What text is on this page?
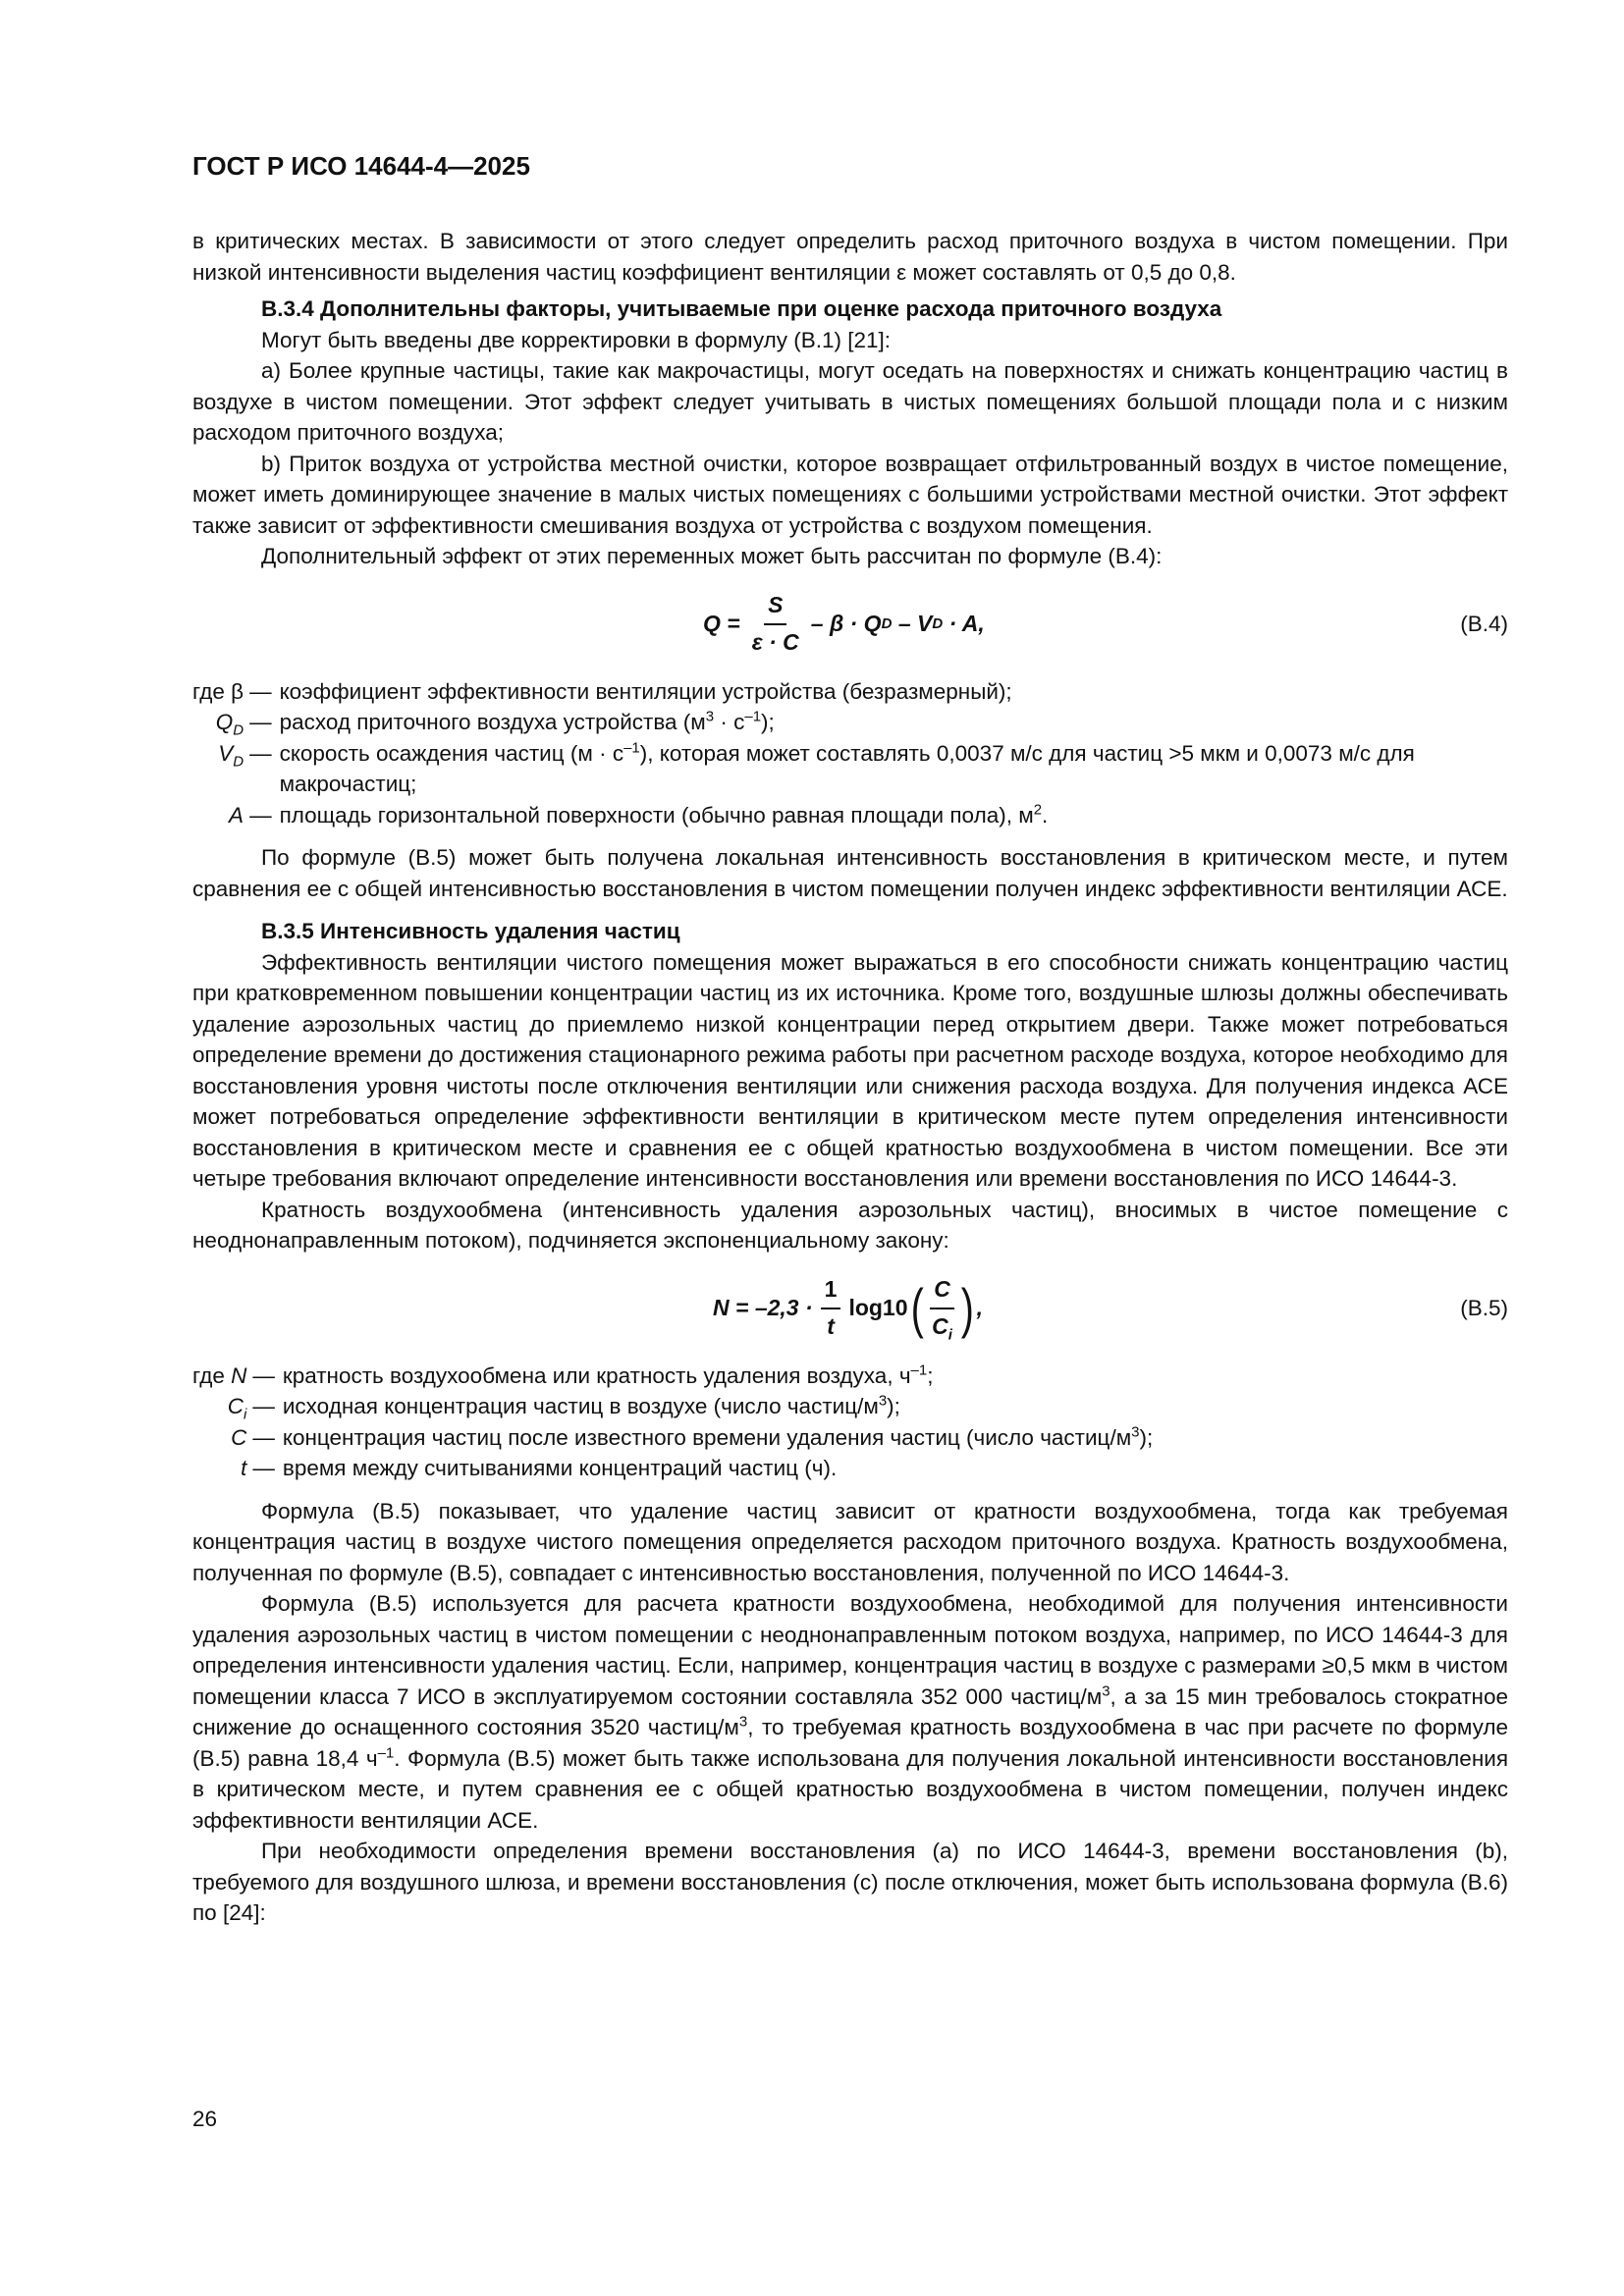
ГОСТ Р ИСО 14644-4—2025

в критических местах. В зависимости от этого следует определить расход приточного воздуха в чистом помещении. При низкой интенсивности выделения частиц коэффициент вентиляции ε может составлять от 0,5 до 0,8.

В.3.4 Дополнительны факторы, учитываемые при оценке расхода приточного воздуха

Могут быть введены две корректировки в формулу (В.1) [21]:

а) Более крупные частицы, такие как макрочастицы, могут оседать на поверхностях и снижать концентрацию частиц в воздухе в чистом помещении. Этот эффект следует учитывать в чистых помещениях большой площади пола и с низким расходом приточного воздуха;

b) Приток воздуха от устройства местной очистки, которое возвращает отфильтрованный воздух в чистое помещение, может иметь доминирующее значение в малых чистых помещениях с большими устройствами местной очистки. Этот эффект также зависит от эффективности смешивания воздуха от устройства с воздухом помещения.

Дополнительный эффект от этих переменных может быть рассчитан по формуле (В.4):

$Q = \frac{S}{\varepsilon \cdot C} - \beta \cdot Q$ D
– V D
· A,	(В.4)
где β	—	коэффициент эффективности вентиляции устройства (безразмерный);
$Q_D$	—	расход приточного воздуха устройства $(м^3 \cdot с^{-1})$;
$V_D$	—	скорость осаждения частиц $(м \cdot с^{-1})$, которая может составлять 0,0037 м/с для частиц >5 мкм и 0,0073 м/с для макрочастиц;
A	—	площадь горизонтальной поверхности (обычно равная площади пола), $м^2$.

По формуле (В.5) может быть получена локальная интенсивность восстановления в критическом месте, и путем сравнения ее с общей интенсивностью восстановления в чистом помещении получен индекс эффективности вентиляции АСЕ.

В.3.5 Интенсивность удаления частиц

Эффективность вентиляции чистого помещения может выражаться в его способности снижать концентрацию частиц при кратковременном повышении концентрации частиц из их источника. Кроме того, воздушные шлюзы должны обеспечивать удаление аэрозольных частиц до приемлемо низкой концентрации перед открытием двери. Также может потребоваться определение времени до достижения стационарного режима работы при расчетном расходе воздуха, которое необходимо для восстановления уровня чистоты после отключения вентиляции или снижения расхода воздуха. Для получения индекса АСЕ может потребоваться определение эффективности вентиляции в критическом месте путем определения интенсивности восстановления в критическом месте и сравнения ее с общей кратностью воздухообмена в чистом помещении. Все эти четыре требования включают определение интенсивности восстановления или времени восстановления по ИСО 14644-3.

Кратность воздухообмена (интенсивность удаления аэрозольных частиц), вносимых в чистое помещение с неоднонаправленным потоком), подчиняется экспоненциальному закону:

$N = -2,3 \cdot \frac{1}{t} \log 10$ ( $\frac{C}{C_i}$ ) ,	(В.5)
где N	—	кратность воздухообмена или кратность удаления воздуха, $ч^{-1}$;
$C_i$	—	исходная концентрация частиц в воздухе (число частиц/$м^3$);
C	—	концентрация частиц после известного времени удаления частиц (число частиц/$м^3$);
t	—	время между считываниями концентраций частиц (ч).

Формула (В.5) показывает, что удаление частиц зависит от кратности воздухообмена, тогда как требуемая концентрация частиц в воздухе чистого помещения определяется расходом приточного воздуха. Кратность воздухообмена, полученная по формуле (В.5), совпадает с интенсивностью восстановления, полученной по ИСО 14644-3.

Формула (В.5) используется для расчета кратности воздухообмена, необходимой для получения интенсивности удаления аэрозольных частиц в чистом помещении с неоднонаправленным потоком воздуха, например, по ИСО 14644-3 для определения интенсивности удаления частиц. Если, например, концентрация частиц в воздухе с размерами ≥0,5 мкм в чистом помещении класса 7 ИСО в эксплуатируемом состоянии составляла 352 000 частиц/$м^3$, а за 15 мин требовалось стократное снижение до оснащенного состояния 3520 частиц/$м^3$, то требуемая кратность воздухообмена в час при расчете по формуле (В.5) равна 18,4 $ч^{-1}$. Формула (В.5) может быть также использована для получения локальной интенсивности восстановления в критическом месте, и путем сравнения ее с общей кратностью воздухообмена в чистом помещении, получен индекс эффективности вентиляции АСЕ.

При необходимости определения времени восстановления (а) по ИСО 14644-3, времени восстановления (b), требуемого для воздушного шлюза, и времени восстановления (с) после отключения, может быть использована формула (В.6) по [24]:

26
